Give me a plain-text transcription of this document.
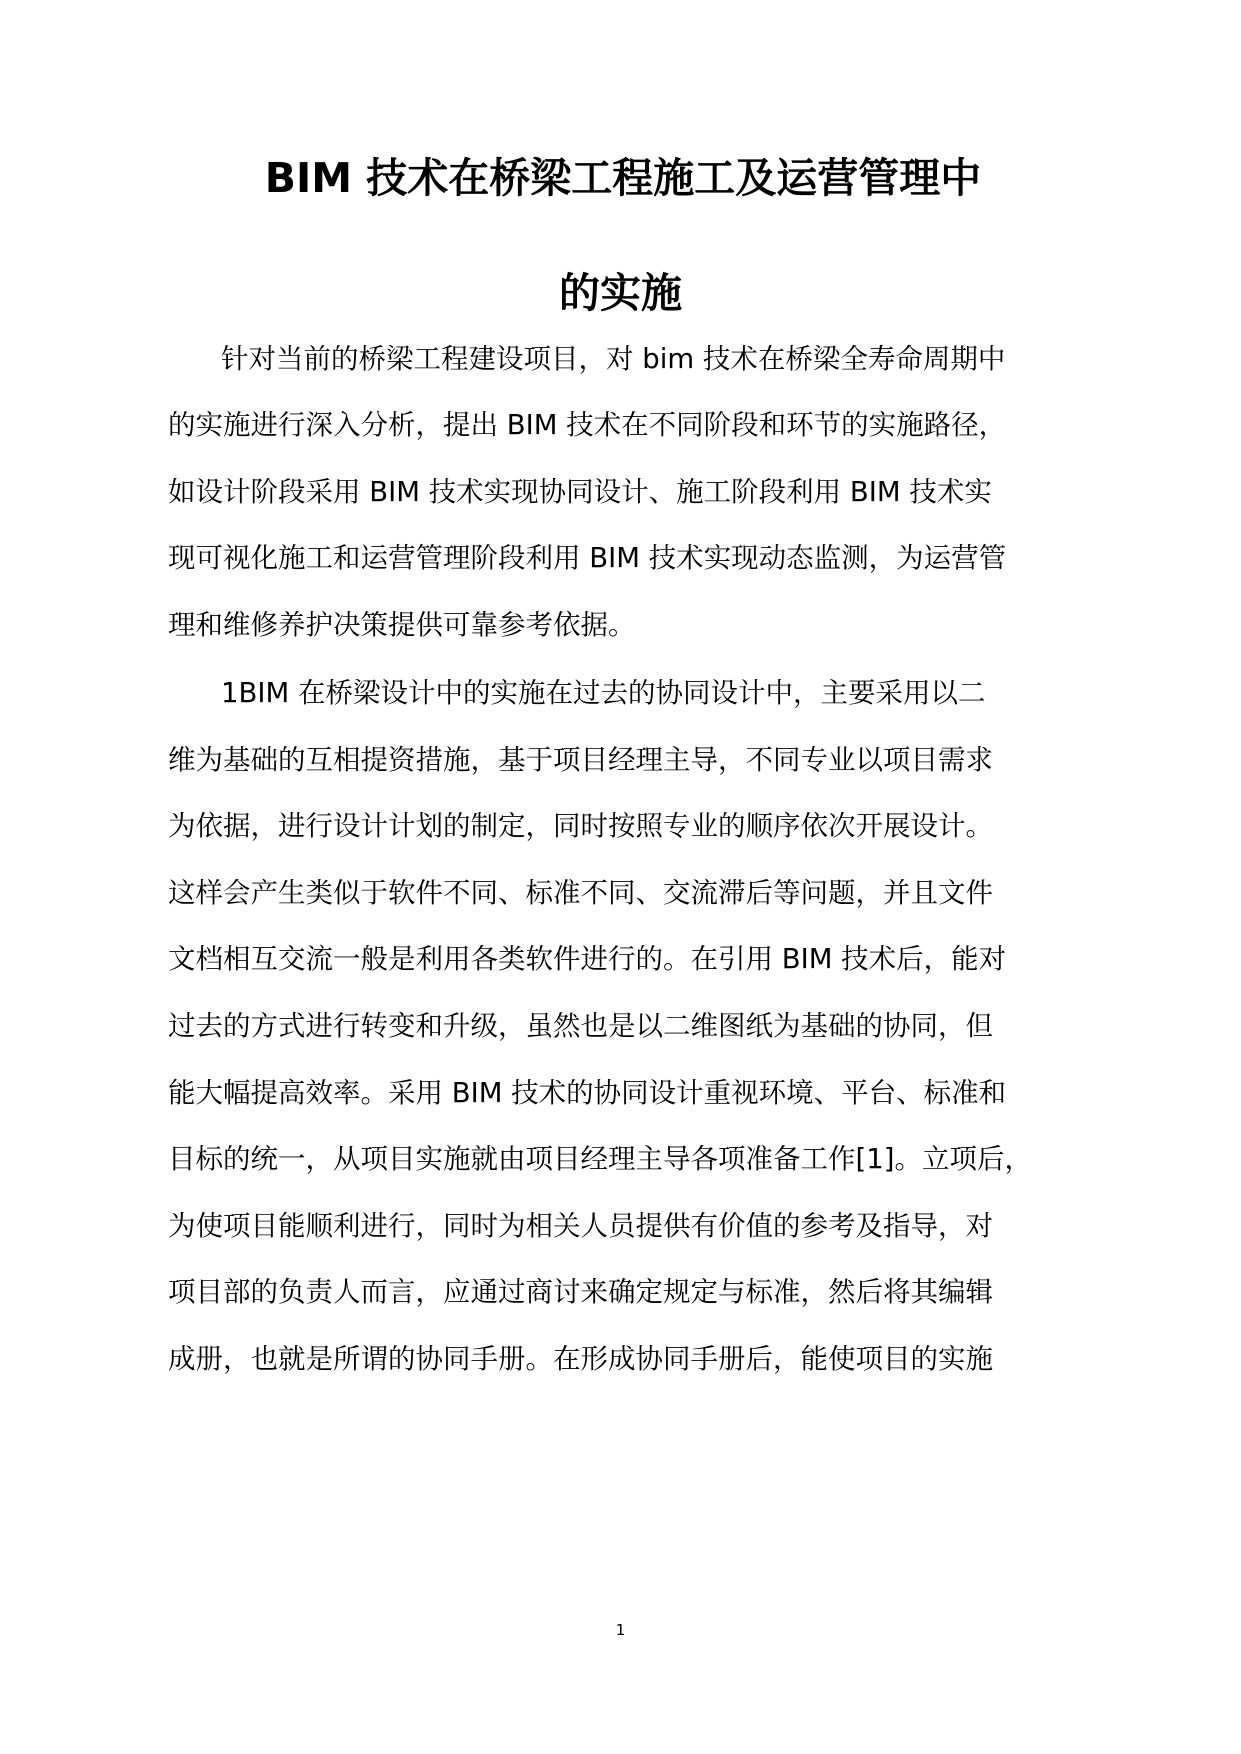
BIM 技术在桥梁工程施工及运营管理中
的实施
针对当前的桥梁工程建设项目，对 bim 技术在桥梁全寿命周期中
的实施进行深入分析，提出 BIM 技术在不同阶段和环节的实施路径，
如设计阶段采用 BIM 技术实现协同设计、施工阶段利用 BIM 技术实
现可视化施工和运营管理阶段利用 BIM 技术实现动态监测，为运营管
理和维修养护决策提供可靠参考依据。
1BIM 在桥梁设计中的实施在过去的协同设计中，主要采用以二
维为基础的互相提资措施，基于项目经理主导，不同专业以项目需求
为依据，进行设计计划的制定，同时按照专业的顺序依次开展设计。
这样会产生类似于软件不同、标准不同、交流滞后等问题，并且文件
文档相互交流一般是利用各类软件进行的。在引用 BIM 技术后，能对
过去的方式进行转变和升级，虽然也是以二维图纸为基础的协同，但
能大幅提高效率。采用 BIM 技术的协同设计重视环境、平台、标准和
目标的统一，从项目实施就由项目经理主导各项准备工作[1]。立项后，
为使项目能顺利进行，同时为相关人员提供有价值的参考及指导，对
项目部的负责人而言，应通过商讨来确定规定与标准，然后将其编辑
成册，也就是所谓的协同手册。在形成协同手册后，能使项目的实施
1
